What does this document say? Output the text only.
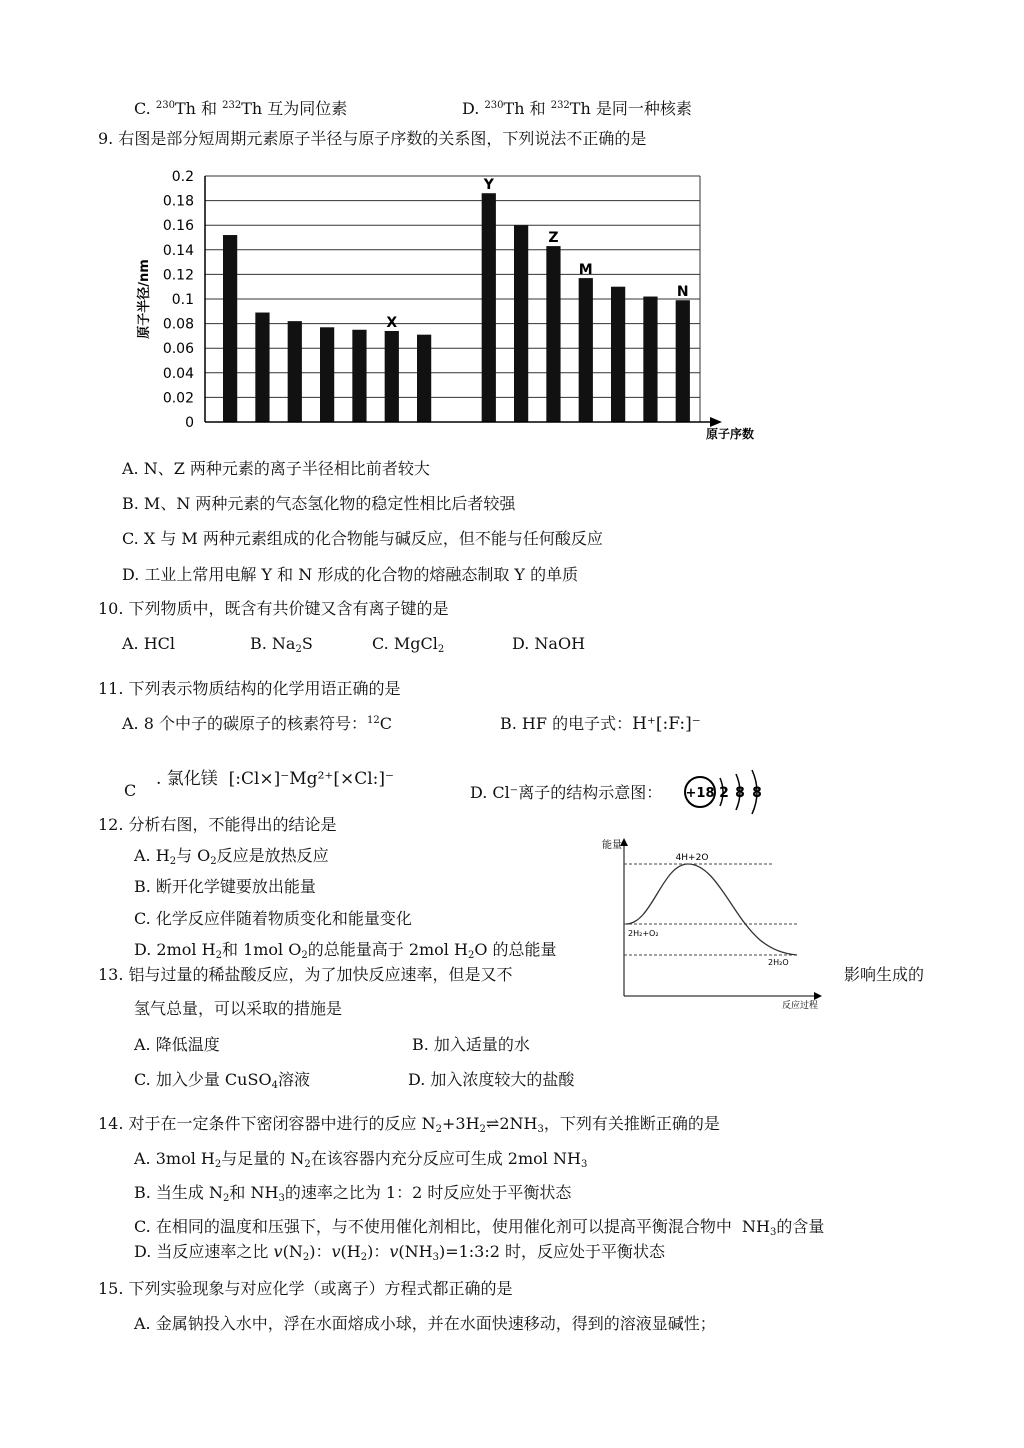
C. $^{230}$Th 和 $^{232}$Th 互为同位素	D. $^{230}$Th 和 $^{232}$Th 是同一种核素
9. 右图是部分短周期元素原子半径与原子序数的关系图，下列说法不正确的是
0.2
0.18
0.16
0.14
0.12
0.1
0.08
0.06
0.04
0.02
0
X
Y
Z
M
N
原子半径/nm
原子序数
A. N、Z 两种元素的离子半径相比前者较大
B. M、N 两种元素的气态氢化物的稳定性相比后者较强
C. X 与 M 两种元素组成的化合物能与碱反应，但不能与任何酸反应
D. 工业上常用电解 Y 和 N 形成的化合物的熔融态制取 Y 的单质
10. 下列物质中，既含有共价键又含有离子键的是
A. HCl	B. $Na_2S$	C. MgCl$_2$	D. NaOH
11. 下列表示物质结构的化学用语正确的是
A. 8 个中子的碳原子的核素符号：$^{12}$C	B. HF 的电子式：H⁺[:F:]⁻
C
. 氯化镁 [:Cl×]⁻Mg²⁺[×Cl:]⁻
D. Cl⁻离子的结构示意图： +18 2 8 8
12. 分析右图，不能得出的结论是
A. $H_2$与 $O_2$反应是放热反应
B. 断开化学键要放出能量
C. 化学反应伴随着物质变化和能量变化
D. 2mol $H_2$和 1mol $O_2$的总能量高于 2mol $H_2O$ 的总能量
能量
4H+2O
2H₂+O₂
2H₂O
反应过程
13. 铝与过量的稀盐酸反应，为了加快反应速率，但是又不	影响生成的
氢气总量，可以采取的措施是
A. 降低温度	B. 加入适量的水
C. 加入少量 CuSO$_4$溶液	D. 加入浓度较大的盐酸
14. 对于在一定条件下密闭容器中进行的反应 $N_2+3H_2\rightleftharpoons 2NH_3$，下列有关推断正确的是
A. 3mol $H_2$与足量的 $N_2$在该容器内充分反应可生成 2mol $NH_3$
B. 当生成 $N_2$和 $NH_3$的速率之比为 1：2 时反应处于平衡状态
C. 在相同的温度和压强下，与不使用催化剂相比，使用催化剂可以提高平衡混合物中 $NH_3$的含量
D. 当反应速率之比 $v(N_2)$：$v(H_2)$：$v(NH_3)=1:3:2$ 时，反应处于平衡状态
15. 下列实验现象与对应化学（或离子）方程式都正确的是
A. 金属钠投入水中，浮在水面熔成小球，并在水面快速移动，得到的溶液显碱性；
